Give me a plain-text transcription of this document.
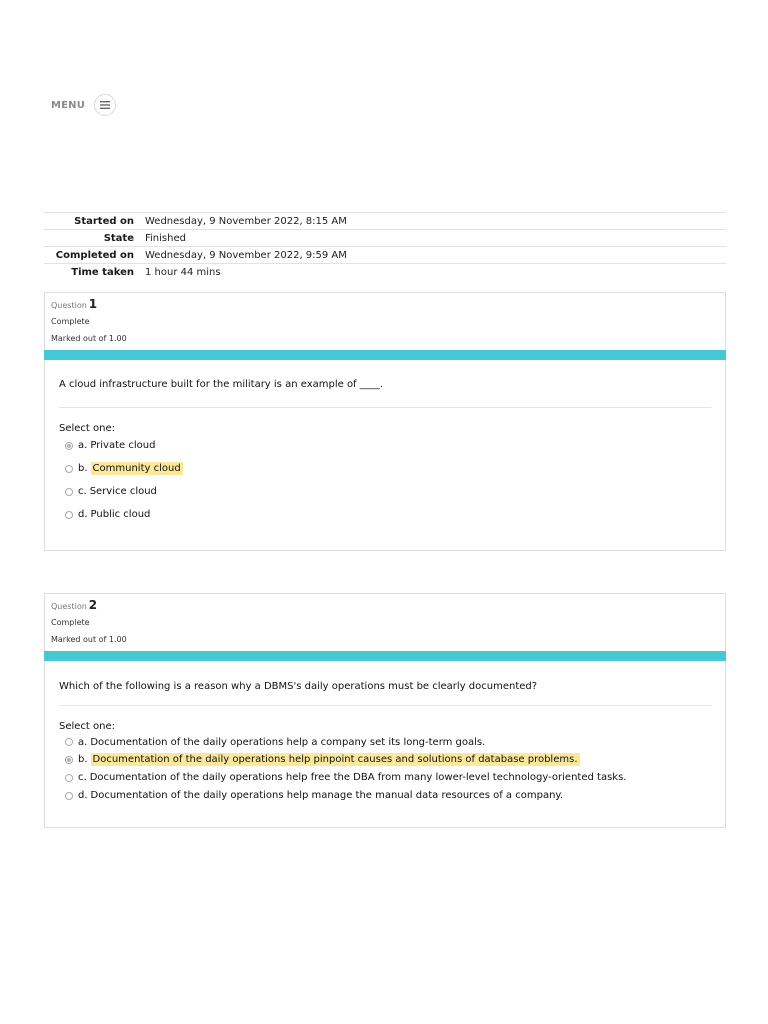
MENU
Started on	Wednesday, 9 November 2022, 8:15 AM
State	Finished
Completed on	Wednesday, 9 November 2022, 9:59 AM
Time taken	1 hour 44 mins
Question 1
Complete
Marked out of 1.00
A cloud infrastructure built for the military is an example of ____.
Select one:
a. Private cloud
b. Community cloud
c. Service cloud
d. Public cloud
Question 2
Complete
Marked out of 1.00
Which of the following is a reason why a DBMS's daily operations must be clearly documented?
Select one:
a. Documentation of the daily operations help a company set its long-term goals.
b. Documentation of the daily operations help pinpoint causes and solutions of database problems.
c. Documentation of the daily operations help free the DBA from many lower-level technology-oriented tasks.
d. Documentation of the daily operations help manage the manual data resources of a company.
